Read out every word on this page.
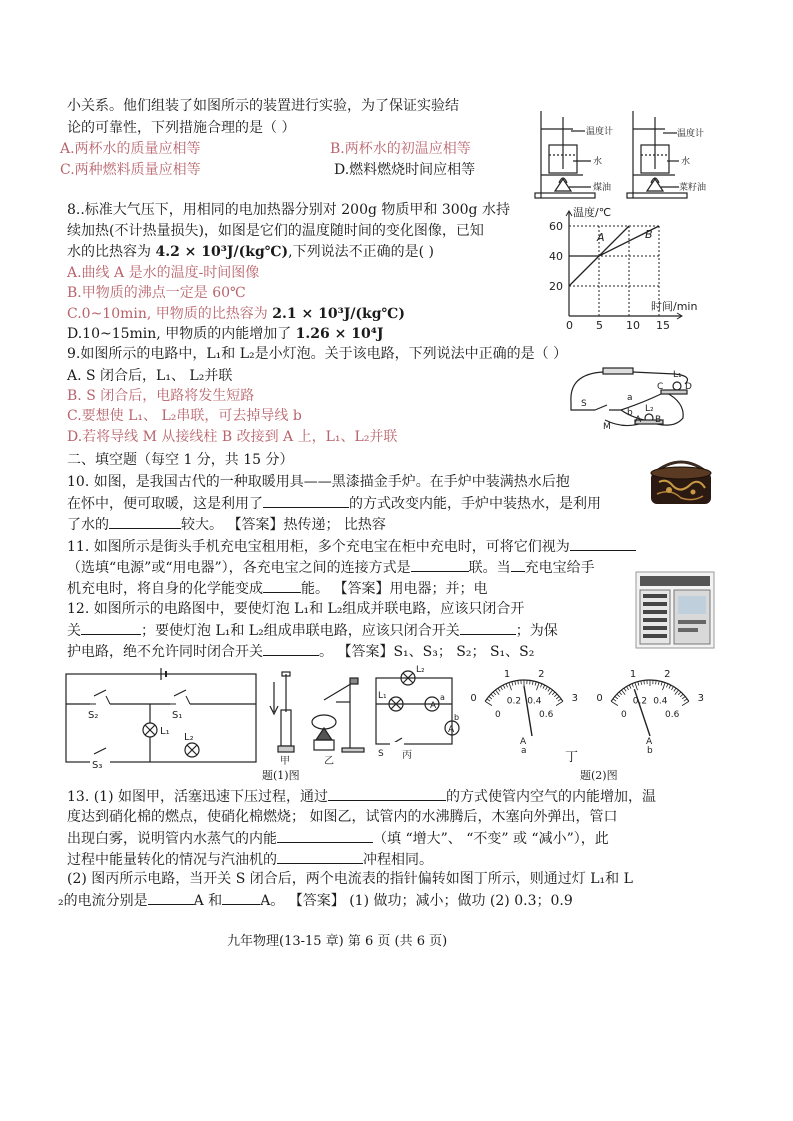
小关系。他们组装了如图所示的装置进行实验，为了保证实验结
论的可靠性，下列措施合理的是（ ）
A.两杯水的质量应相等	B.两杯水的初温应相等
C.两种燃料质量应相等	D.燃料燃烧时间应相等
温度计
水
煤油
温度计
水
菜籽油
8..标准大气压下，用相同的电加热器分别对 200g 物质甲和 300g 水持
续加热(不计热量损失)，如图是它们的温度随时间的变化图像，已知
水的比热容为 4.2 × 10³J/(kg℃),下列说法不正确的是( )
A.曲线 A 是水的温度-时间图像
B.甲物质的沸点一定是 60℃
C.0~10min, 甲物质的比热容为 2.1 × 10³J/(kg℃)
D.10~15min, 甲物质的内能增加了 1.26 × 10⁴J
0 5 10 15
20
40
60
温度/℃
时间/min
A	B
9.如图所示的电路中，L₁和 L₂是小灯泡。关于该电路，下列说法中正确的是（ ）
A. S 闭合后，L₁、 L₂并联
B. S 闭合后，电路将发生短路
C.要想使 L₁、 L₂串联，可去掉导线 b
D.若将导线 M 从接线柱 B 改接到 A 上，L₁、L₂并联
S
a
b
M
L₁
C D
L₂
A B
二、填空题（每空 1 分，共 15 分）
10. 如图，是我国古代的一种取暖用具——黑漆描金手炉。在手炉中装满热水后抱
在怀中，便可取暖，这是利用了	的方式改变内能，手炉中装热水，是利用
了水的	较大。 【答案】热传递； 比热容
11. 如图所示是街头手机充电宝租用柜，多个充电宝在柜中充电时，可将它们视为
（选填“电源”或“用电器”），各充电宝之间的连接方式是	联。当 充电宝给手
机充电时，将自身的化学能变成	能。 【答案】用电器；并；电
12. 如图所示的电路图中，要使灯泡 L₁和 L₂组成并联电路，应该只闭合开
关	；要使灯泡 L₁和 L₂组成串联电路，应该只闭合开关	；为保
护电路，绝不允许同时闭合开关	。 【答案】S₁、S₃； S₂； S₁、S₂
S₂	S₁
L₁
L₂
S₃	甲	乙
L₂
L₁
A
A
a
b
S 丙
1	2
0	3
0.2 0.4
0	0.6
A
a
1	2
0	3
0.2 0.4
0	0.6
A
b
丁
题(1)图	题(2)图
13. (1) 如图甲，活塞迅速下压过程，通过	的方式使管内空气的内能增加，温
度达到硝化棉的燃点，使硝化棉燃烧； 如图乙，试管内的水沸腾后，木塞向外弹出，管口
出现白雾，说明管内水蒸气的内能	（填 “增大”、 “不变” 或 “减小”），此
过程中能量转化的情况与汽油机的	冲程相同。
(2) 图丙所示电路，当开关 S 闭合后，两个电流表的指针偏转如图丁所示，则通过灯 L₁和 L
₂的电流分别是	A 和	A。 【答案】 (1) 做功；减小；做功 (2) 0.3；0.9
九年物理(13-15 章) 第 6 页 (共 6 页)
